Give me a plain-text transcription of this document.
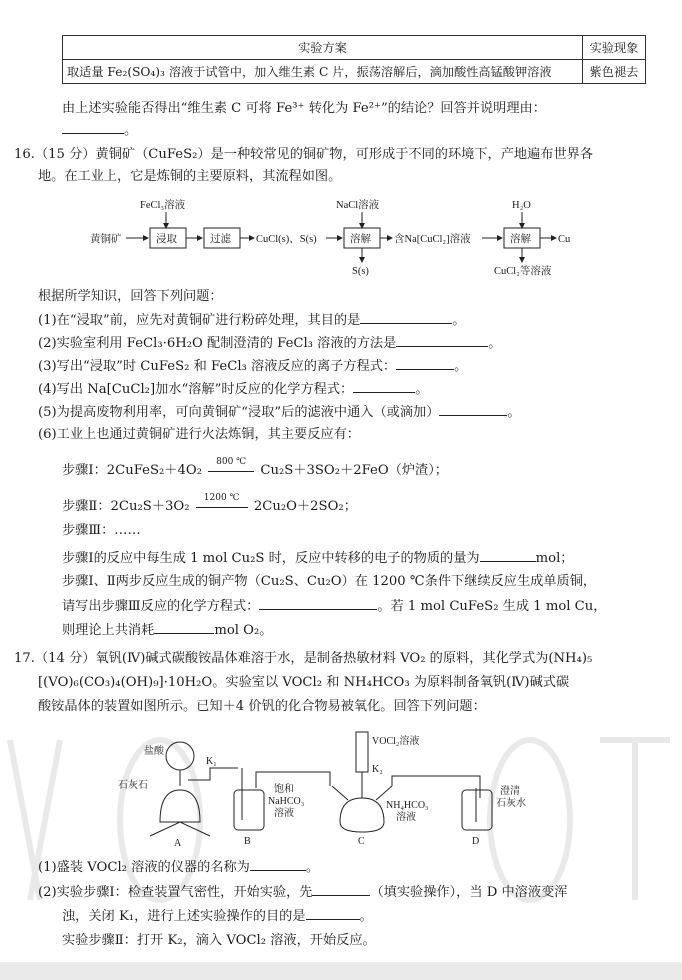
实验方案	实验现象
取适量 Fe₂(SO₄)₃ 溶液于试管中，加入维生素 C 片，振荡溶解后，滴加酸性高锰酸钾溶液	紫色褪去
由上述实验能否得出“维生素 C 可将 Fe³⁺ 转化为 Fe²⁺”的结论？回答并说明理由：
。
16.（15 分）黄铜矿（CuFeS₂）是一种较常见的铜矿物，可形成于不同的环境下，产地遍布世界各
地。在工业上，它是炼铜的主要原料，其流程如图。
黄铜矿
FeCl₃溶液
浸取	过滤 CuCl(s)、S(s)
NaCl溶液
溶解
S(s)
含Na[CuCl₂]溶液
H₂O
溶解	Cu
CuCl₂等溶液
根据所学知识，回答下列问题：
(1)在“浸取”前，应先对黄铜矿进行粉碎处理，其目的是	。
(2)实验室利用 FeCl₃·6H₂O 配制澄清的 FeCl₃ 溶液的方法是	。
(3)写出“浸取”时 CuFeS₂ 和 FeCl₃ 溶液反应的离子方程式：	。
(4)写出 Na[CuCl₂]加水“溶解”时反应的化学方程式：	。
(5)为提高废物利用率，可向黄铜矿“浸取”后的滤液中通入（或滴加）	。
(6)工业上也通过黄铜矿进行火法炼铜，其主要反应有：
步骤Ⅰ：2CuFeS₂＋4O₂
800 ℃
Cu₂S＋3SO₂＋2FeO（炉渣）；
步骤Ⅱ：2Cu₂S＋3O₂
1200 ℃
2Cu₂O＋2SO₂；
步骤Ⅲ：……
步骤Ⅰ的反应中每生成 1 mol Cu₂S 时，反应中转移的电子的物质的量为	mol；
步骤Ⅰ、Ⅱ两步反应生成的铜产物（Cu₂S、Cu₂O）在 1200 ℃条件下继续反应生成单质铜，
请写出步骤Ⅲ反应的化学方程式：	。若 1 mol CuFeS₂ 生成 1 mol Cu，
则理论上共消耗	mol O₂。
17.（14 分）氧钒(Ⅳ)碱式碳酸铵晶体难溶于水，是制备热敏材料 VO₂ 的原料，其化学式为(NH₄)₅
[(VO)₆(CO₃)₄(OH)₉]·10H₂O。实验室以 VOCl₂ 和 NH₄HCO₃ 为原料制备氧钒(Ⅳ)碱式碳
酸铵晶体的装置如图所示。已知＋4 价钒的化合物易被氧化。回答下列问题：
盐酸
K₁
石灰石	饱和
NaHCO₃
溶液
VOCl₂溶液
K₂
NH₄HCO₃
溶液
澄清
石灰水
A	B	C	D
(1)盛装 VOCl₂ 溶液的仪器的名称为	。
(2)实验步骤Ⅰ：检查装置气密性，开始实验，先	（填实验操作），当 D 中溶液变浑
浊，关闭 K₁，进行上述实验操作的目的是	。
实验步骤Ⅱ：打开 K₂，滴入 VOCl₂ 溶液，开始反应。
